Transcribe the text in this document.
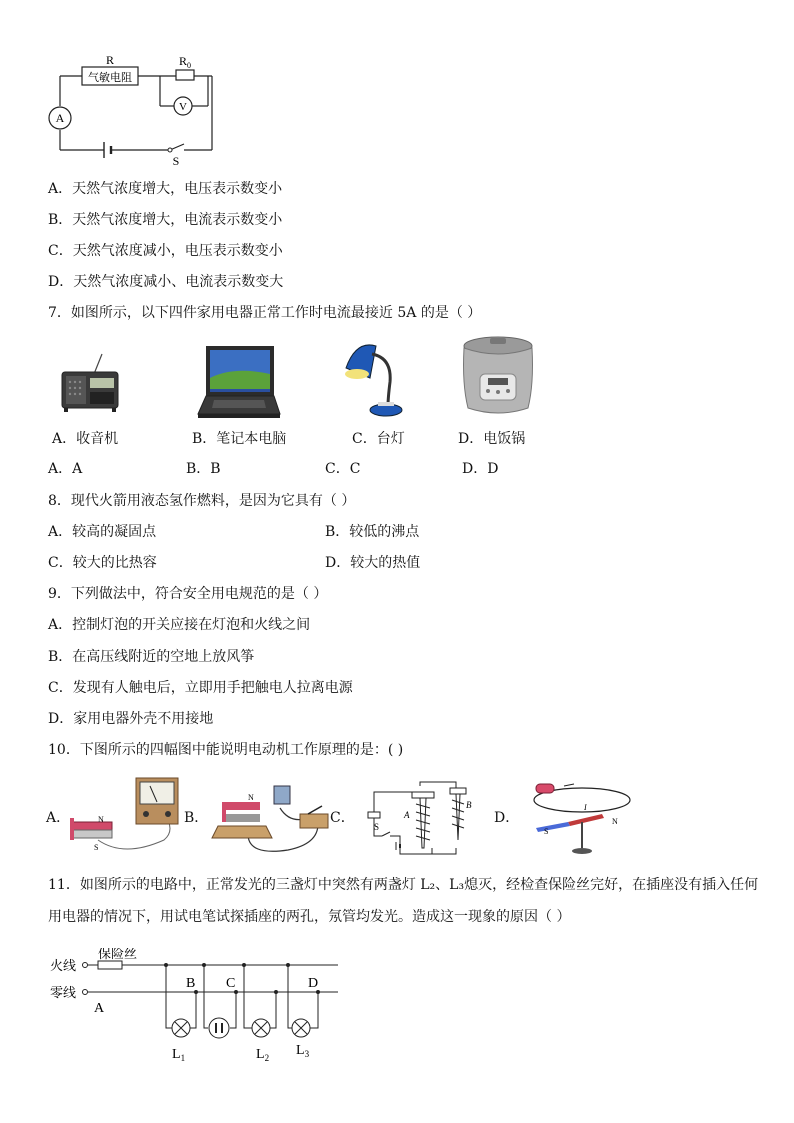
R
气敏电阻
$R_0$
V
A
S
A．天然气浓度增大，电压表示数变小
B．天然气浓度增大，电流表示数变小
C．天然气浓度减小，电压表示数变小
D．天然气浓度减小、电流表示数变大
7．如图所示，以下四件家用电器正常工作时电流最接近 5A 的是（ ）
A．收音机	B．笔记本电脑	C．台灯	D．电饭锅
A．A	B．B	C．C	D．D
8．现代火箭用液态氢作燃料，是因为它具有（ ）
A．较高的凝固点	B．较低的沸点
C．较大的比热容	D．较大的热值
9．下列做法中，符合安全用电规范的是（ ）
A．控制灯泡的开关应接在灯泡和火线之间
B．在高压线附近的空地上放风筝
C．发现有人触电后，立即用手把触电人拉离电源
D．家用电器外壳不用接地
10．下图所示的四幅图中能说明电动机工作原理的是：( )
A．	N
S
B．
N
C．
S
A
B
D．
S
N
I
11．如图所示的电路中，正常发光的三盏灯中突然有两盏灯 L₂、L₃熄灭，经检查保险丝完好，在插座没有插入任何
用电器的情况下，用试电笔试探插座的两孔，氖管均发光。造成这一现象的原因（ ）
火线
零线
保险丝
A
B C	D
$L_1$	$L_2$ $L_3$
